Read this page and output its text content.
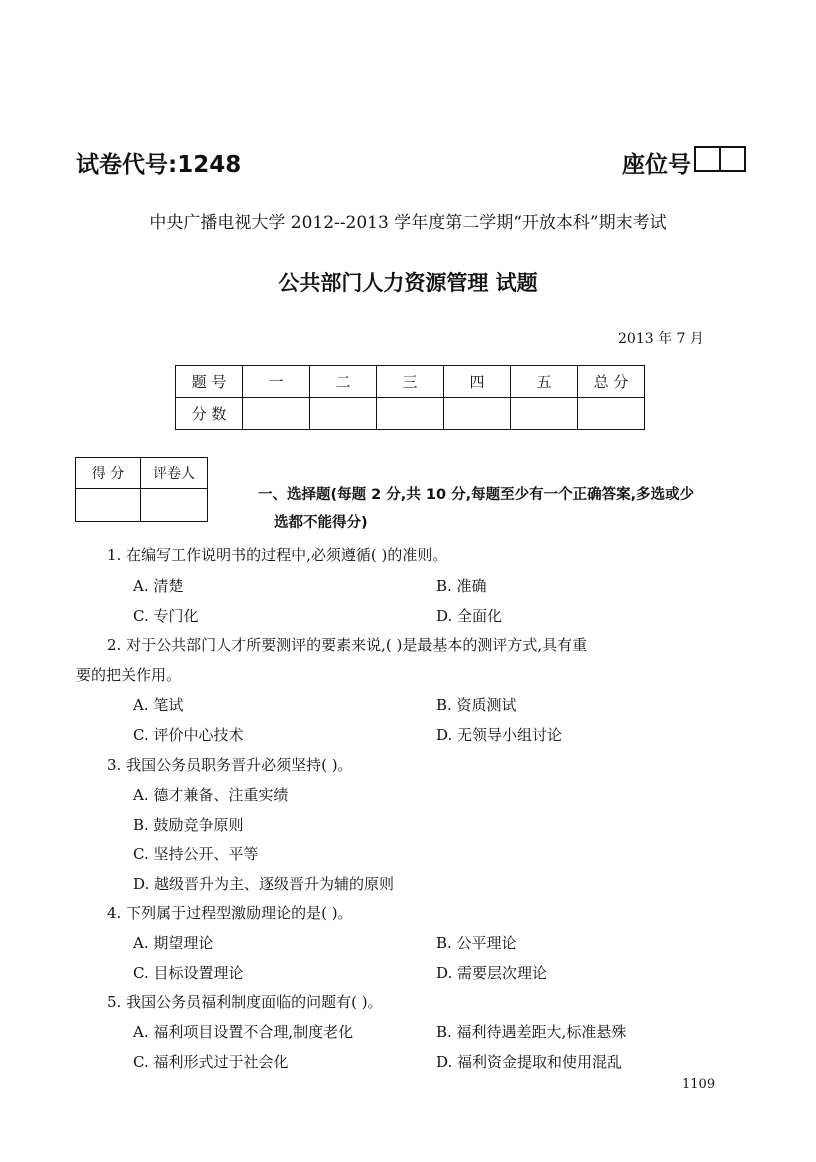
试卷代号:1248	座位号
中央广播电视大学 2012--2013 学年度第二学期“开放本科”期末考试
公共部门人力资源管理 试题
2013 年 7 月
题 号	一	二	三	四	五	总 分
分 数						
得 分	评卷人

一、选择题(每题 2 分,共 10 分,每题至少有一个正确答案,多选或少
选都不能得分)
1. 在编写工作说明书的过程中,必须遵循( )的准则。
A. 清楚	B. 准确
C. 专门化	D. 全面化
2. 对于公共部门人才所要测评的要素来说,( )是最基本的测评方式,具有重
要的把关作用。
A. 笔试	B. 资质测试
C. 评价中心技术	D. 无领导小组讨论
3. 我国公务员职务晋升必须坚持( )。
A. 德才兼备、注重实绩
B. 鼓励竞争原则
C. 坚持公开、平等
D. 越级晋升为主、逐级晋升为辅的原则
4. 下列属于过程型激励理论的是( )。
A. 期望理论	B. 公平理论
C. 目标设置理论	D. 需要层次理论
5. 我国公务员福利制度面临的问题有( )。
A. 福利项目设置不合理,制度老化	B. 福利待遇差距大,标准悬殊
C. 福利形式过于社会化	D. 福利资金提取和使用混乱
1109
